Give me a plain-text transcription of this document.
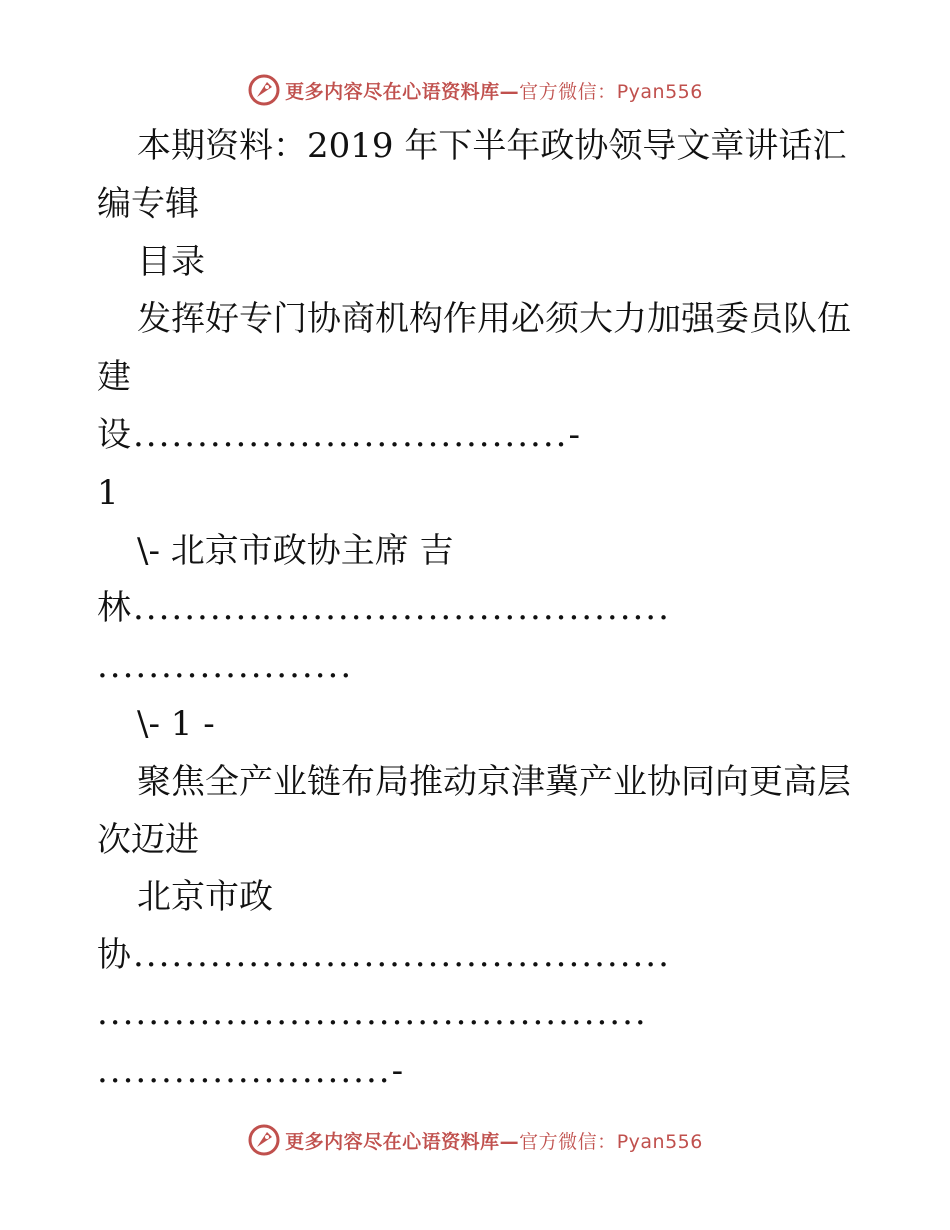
更多内容尽在心语资料库—官方微信：Pyan556
本期资料：2019 年下半年政协领导文章讲话汇
编专辑
目录
发挥好专门协商机构作用必须大力加强委员队伍
建
设..................................-
1
\- 北京市政协主席 吉
林..........................................
....................
\- 1 -
聚焦全产业链布局推动京津冀产业协同向更高层
次迈进
北京市政
协..........................................
...........................................
.......................-
更多内容尽在心语资料库—官方微信：Pyan556
